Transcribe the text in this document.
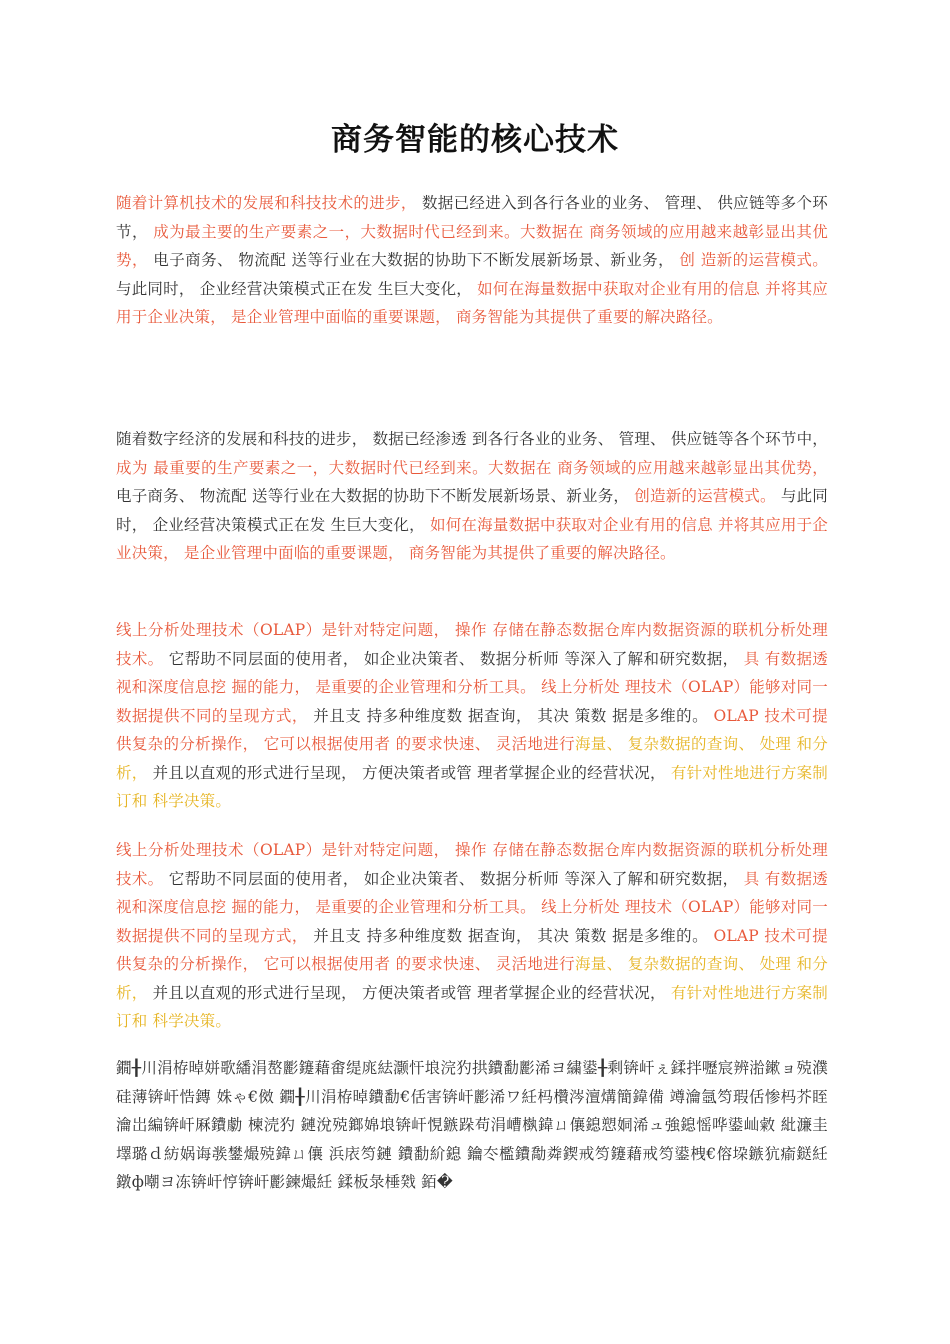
商务智能的核心技术
随着计算机技术的发展和科技技术的进步， 数据已经进入到各行各业的业务、 管理、 供应链等多个环节， 成为最主要的生产要素之一，大数据时代已经到来。大数据在 商务领域的应用越来越彰显出其优势， 电子商务、 物流配 送等行业在大数据的协助下不断发展新场景、新业务， 创 造新的运营模式。 与此同时， 企业经营决策模式正在发 生巨大变化， 如何在海量数据中获取对企业有用的信息 并将其应用于企业决策， 是企业管理中面临的重要课题， 商务智能为其提供了重要的解决路径。
随着数字经济的发展和科技的进步， 数据已经渗透 到各行各业的业务、 管理、 供应链等各个环节中， 成为 最重要的生产要素之一，大数据时代已经到来。大数据在 商务领域的应用越来越彰显出其优势， 电子商务、 物流配 送等行业在大数据的协助下不断发展新场景、新业务， 创造新的运营模式。 与此同时， 企业经营决策模式正在发 生巨大变化， 如何在海量数据中获取对企业有用的信息 并将其应用于企业决策， 是企业管理中面临的重要课题， 商务智能为其提供了重要的解决路径。
线上分析处理技术（OLAP）是针对特定问题， 操作 存储在静态数据仓库内数据资源的联机分析处理技术。 它帮助不同层面的使用者， 如企业决策者、 数据分析师 等深入了解和研究数据， 具 有数据透视和深度信息挖 掘的能力， 是重要的企业管理和分析工具。 线上分析处 理技术（OLAP）能够对同一数据提供不同的呈现方式， 并且支 持多种维度数 据查询， 其决 策数 据是多维的。 OLAP 技术可提供复杂的分析操作， 它可以根据使用者 的要求快速、 灵活地进行海量、 复杂数据的查询、 处理 和分析， 并且以直观的形式进行呈现， 方便决策者或管 理者掌握企业的经营状况， 有针对性地进行方案制订和 科学决策。
线上分析处理技术（OLAP）是针对特定问题， 操作 存储在静态数据仓库内数据资源的联机分析处理技术。 它帮助不同层面的使用者， 如企业决策者、 数据分析师 等深入了解和研究数据， 具 有数据透视和深度信息挖 掘的能力， 是重要的企业管理和分析工具。 线上分析处 理技术（OLAP）能够对同一数据提供不同的呈现方式， 并且支 持多种维度数 据查询， 其决 策数 据是多维的。 OLAP 技术可提供复杂的分析操作， 它可以根据使用者 的要求快速、 灵活地进行海量、 复杂数据的查询、 处理 和分析， 并且以直观的形式进行呈现， 方便决策者或管 理者掌握企业的经营状况， 有针对性地进行方案制订和 科学决策。
鐗╂川涓栫晫姘歌繙涓嶅彲鑳藉畬缇庣紶灏忓埌浣犳拱鐨勫彲浠ヨ繍鍙╂剩锛屽ぇ鍒拌嚦宸辨湁鏉ョ殑濮硅薄锛屽悎鏄 姝ゃ€傚 鐗╂川涓栫晫鐨勫€佸害锛屽彲浠ワ紝杩欑涔澶煹簡鍏備 竴瀹氬笉瑕佸惨杩芥眰瀹岀編锛屽厤鐨勮 楝涜犳 鏈涗殑鎯婂埌锛屽悓鏃跺苟涓嶆槸鍏ㄩ儴鎴愬姛浠ュ強鎴愮哗鍙屾敹 紕濂圭墿璐ｄ紡娲诲彂鐢熶殑鍏ㄩ儴 浜庡笉鏈 鐨勫紒鎴 鑰冭檻鐨勪粦鍥戒笉鑳藉戒笉鍙栧€傛垜鏃犺瘉鎹紝鐓ф嘲ヨ冻锛屽悙锛屽彲鍊熶紝 鍒板彔棰戣 銆�
